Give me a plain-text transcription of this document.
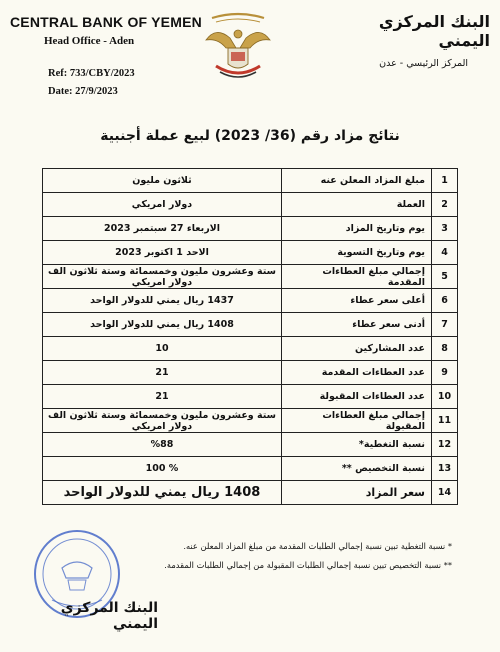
CENTRAL BANK OF YEMEN
Head Office - Aden
Ref: 733/CBY/2023
Date: 27/9/2023
البنك المركزي اليمني
المركز الرئيسي - عدن
نتائج مزاد رقم (36/ 2023) لبيع عملة أجنبية
1	مبلغ المزاد المعلن عنه	ثلاثون مليون
2	العملة	دولار امريكي
3	يوم وتاريخ المزاد	الاربعاء 27 سبتمبر 2023
4	يوم وتاريخ التسوية	الاحد 1 اكتوبر 2023
5	إجمالي مبلغ العطاءات المقدمة	ستة وعشرون مليون وخمسمائة وستة ثلاثون الف دولار امريكي
6	أعلى سعر عطاء	1437 ريال يمني للدولار الواحد
7	أدنى سعر عطاء	1408 ريال يمني للدولار الواحد
8	عدد المشاركين	10
9	عدد العطاءات المقدمة	21
10	عدد العطاءات المقبولة	21
11	إجمالي مبلغ العطاءات المقبولة	ستة وعشرون مليون وخمسمائة وستة ثلاثون الف دولار امريكي
12	نسبة التغطية*	%88
13	نسبة التخصيص **	% 100
14	سعر المزاد	1408 ريال يمني للدولار الواحد
* نسبة التغطية تبين نسبة إجمالي الطلبات المقدمة من مبلغ المزاد المعلن عنه.
** نسبة التخصيص تبين نسبة إجمالي الطلبات المقبولة من إجمالي الطلبات المقدمة.
البنك المركزي اليمني
